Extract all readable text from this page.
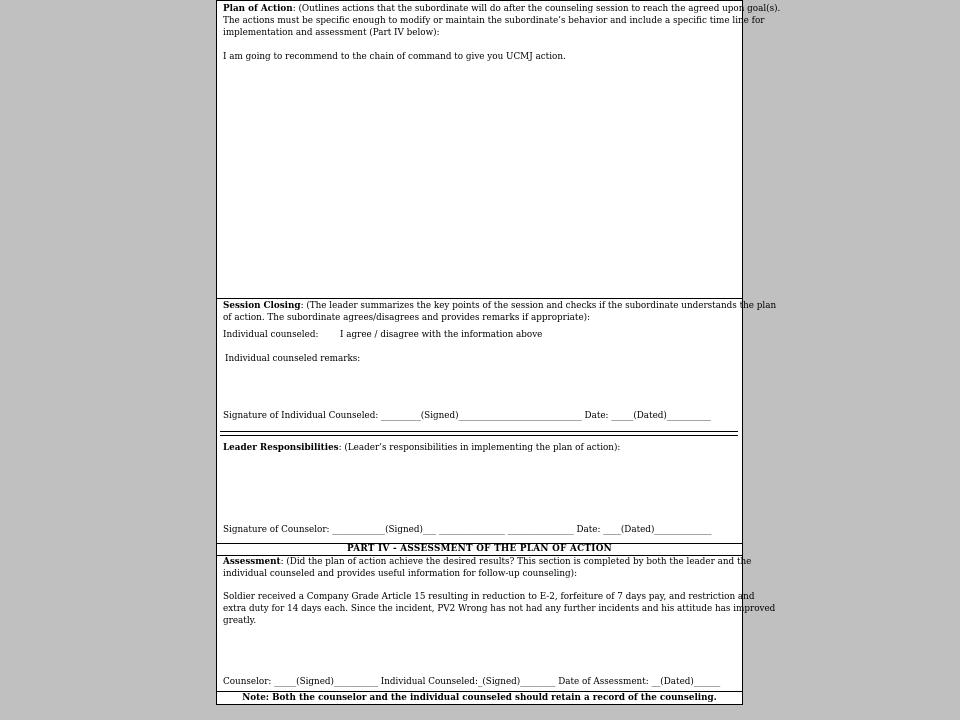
Plan of Action: (Outlines actions that the subordinate will do after the counseling session to reach the agreed upon goal(s).
The actions must be specific enough to modify or maintain the subordinate’s behavior and include a specific time line for
implementation and assessment (Part IV below):
I am going to recommend to the chain of command to give you UCMJ action.
Session Closing: (The leader summarizes the key points of the session and checks if the subordinate understands the plan
of action. The subordinate agrees/disagrees and provides remarks if appropriate):
Individual counseled: I agree / disagree with the information above
Individual counseled remarks:
Signature of Individual Counseled: _________(Signed)____________________________ Date: _____(Dated)__________
Leader Responsibilities: (Leader’s responsibilities in implementing the plan of action):
Signature of Counselor: ____________(Signed)___ _______________ _______________ Date: ____(Dated)_____________
PART IV - ASSESSMENT OF THE PLAN OF ACTION
Assessment: (Did the plan of action achieve the desired results? This section is completed by both the leader and the
individual counseled and provides useful information for follow-up counseling):
Soldier received a Company Grade Article 15 resulting in reduction to E-2, forfeiture of 7 days pay, and restriction and
extra duty for 14 days each. Since the incident, PV2 Wrong has not had any further incidents and his attitude has improved
greatly.
Counselor: _____(Signed)__________ Individual Counseled:_(Signed)________ Date of Assessment: __(Dated)______
Note: Both the counselor and the individual counseled should retain a record of the counseling.
